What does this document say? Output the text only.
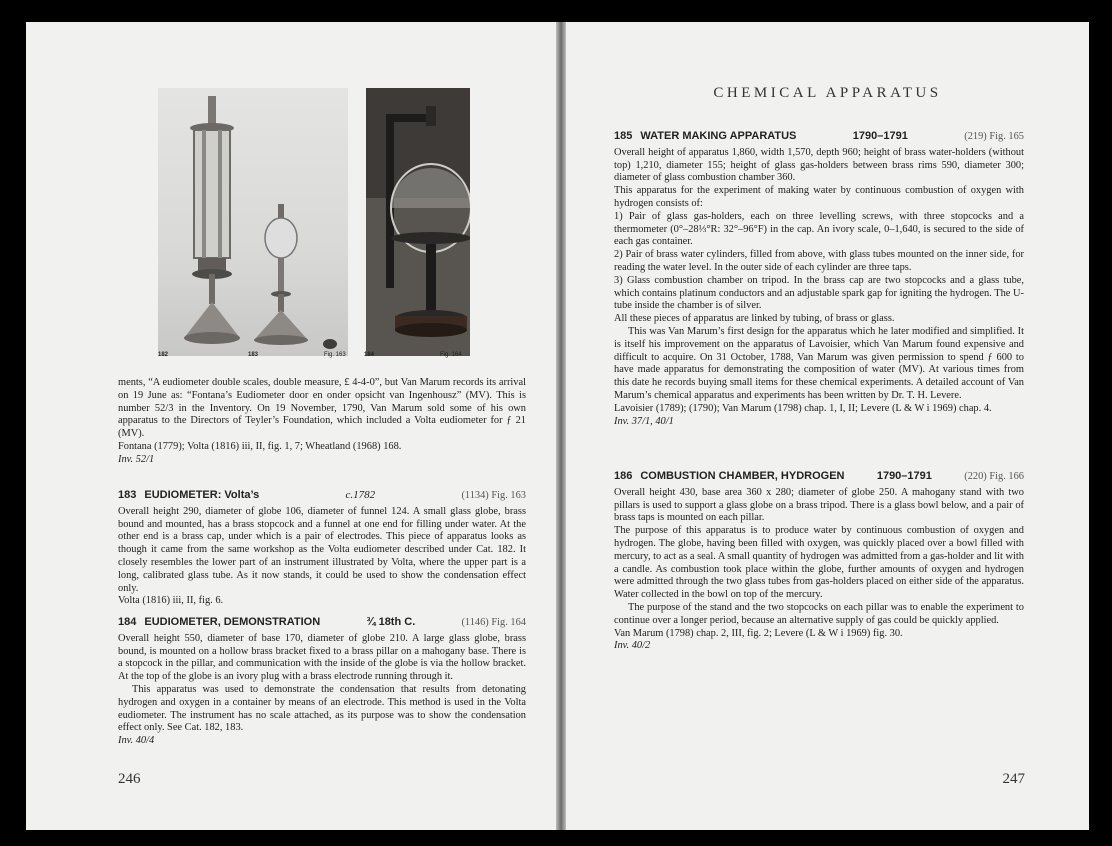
182	183	Fig. 163	184	Fig. 164

ments, “A eudiometer double scales, double measure, £ 4-4-0”, but Van Marum records its arrival on 19 June as: “Fontana’s Eudiometer door en onder opsicht van Ingenhousz” (MV). This is number 52/3 in the Inventory. On 19 November, 1790, Van Marum sold some of his own apparatus to the Directors of Teyler’s Foundation, which included a Volta eudiometer for ƒ 21 (MV).

Fontana (1779); Volta (1816) iii, II, fig. 1, 7; Wheatland (1968) 168.

Inv. 52/1

183 EUDIOMETER: Volta’s	c.1782	(1134) Fig. 163

Overall height 290, diameter of globe 106, diameter of funnel 124. A small glass globe, brass bound and mounted, has a brass stopcock and a funnel at one end for filling under water. At the other end is a brass cap, under which is a pair of electrodes. This piece of apparatus looks as though it came from the same workshop as the Volta eudiometer described under Cat. 182. It closely resembles the lower part of an instrument illustrated by Volta, where the upper part is a long, calibrated glass tube. As it now stands, it could be used to show the condensation effect only.

Volta (1816) iii, II, fig. 6.

184 EUDIOMETER, DEMONSTRATION	¾ 18th C.	(1146) Fig. 164

Overall height 550, diameter of base 170, diameter of globe 210. A large glass globe, brass bound, is mounted on a hollow brass bracket fixed to a brass pillar on a mahogany base. There is a stopcock in the pillar, and communication with the inside of the globe is via the hollow bracket. At the top of the globe is an ivory plug with a brass electrode running through it.

This apparatus was used to demonstrate the condensation that results from detonating hydrogen and oxygen in a container by means of an electrode. This method is used in the Volta eudiometer. The instrument has no scale attached, as its purpose was to show the condensation effect only. See Cat. 182, 183.

Inv. 40/4

246
CHEMICAL APPARATUS
185 WATER MAKING APPARATUS	1790–1791	(219) Fig. 165

Overall height of apparatus 1,860, width 1,570, depth 960; height of brass water-holders (without top) 1,210, diameter 155; height of glass gas-holders between brass rims 590, diameter 300; diameter of glass combustion chamber 360.

This apparatus for the experiment of making water by continuous combustion of oxygen with hydrogen consists of:

1) Pair of glass gas-holders, each on three levelling screws, with three stopcocks and a thermometer (0°–28⅓°R: 32°–96°F) in the cap. An ivory scale, 0–1,640, is secured to the side of each gas container.

2) Pair of brass water cylinders, filled from above, with glass tubes mounted on the inner side, for reading the water level. In the outer side of each cylinder are three taps.

3) Glass combustion chamber on tripod. In the brass cap are two stopcocks and a glass tube, which contains platinum conductors and an adjustable spark gap for igniting the hydrogen. The U-tube inside the chamber is of silver.

All these pieces of apparatus are linked by tubing, of brass or glass.

This was Van Marum’s first design for the apparatus which he later modified and simplified. It is itself his improvement on the apparatus of Lavoisier, which Van Marum found expensive and difficult to acquire. On 31 October, 1788, Van Marum was given permission to spend ƒ 600 to have made apparatus for demonstrating the composition of water (MV). At various times from this date he records buying small items for these chemical experiments. A detailed account of Van Marum’s chemical apparatus and experiments has been written by Dr. T. H. Levere.

Lavoisier (1789); (1790); Van Marum (1798) chap. 1, I, II; Levere (L & W i 1969) chap. 4.

Inv. 37/1, 40/1

186 COMBUSTION CHAMBER, HYDROGEN	1790–1791	(220) Fig. 166

Overall height 430, base area 360 x 280; diameter of globe 250. A mahogany stand with two pillars is used to support a glass globe on a brass tripod. There is a glass bowl below, and a pair of brass taps is mounted on each pillar.

The purpose of this apparatus is to produce water by continuous combustion of oxygen and hydrogen. The globe, having been filled with oxygen, was quickly placed over a bowl filled with mercury, to act as a seal. A small quantity of hydrogen was admitted from a gas-holder and lit with a candle. As combustion took place within the globe, further amounts of oxygen and hydrogen were admitted through the two glass tubes from gas-holders placed on either side of the apparatus. Water collected in the bowl on top of the mercury.

The purpose of the stand and the two stopcocks on each pillar was to enable the experiment to continue over a longer period, because an alternative supply of gas could be quickly applied.

Van Marum (1798) chap. 2, III, fig. 2; Levere (L & W i 1969) fig. 30.

Inv. 40/2

247
